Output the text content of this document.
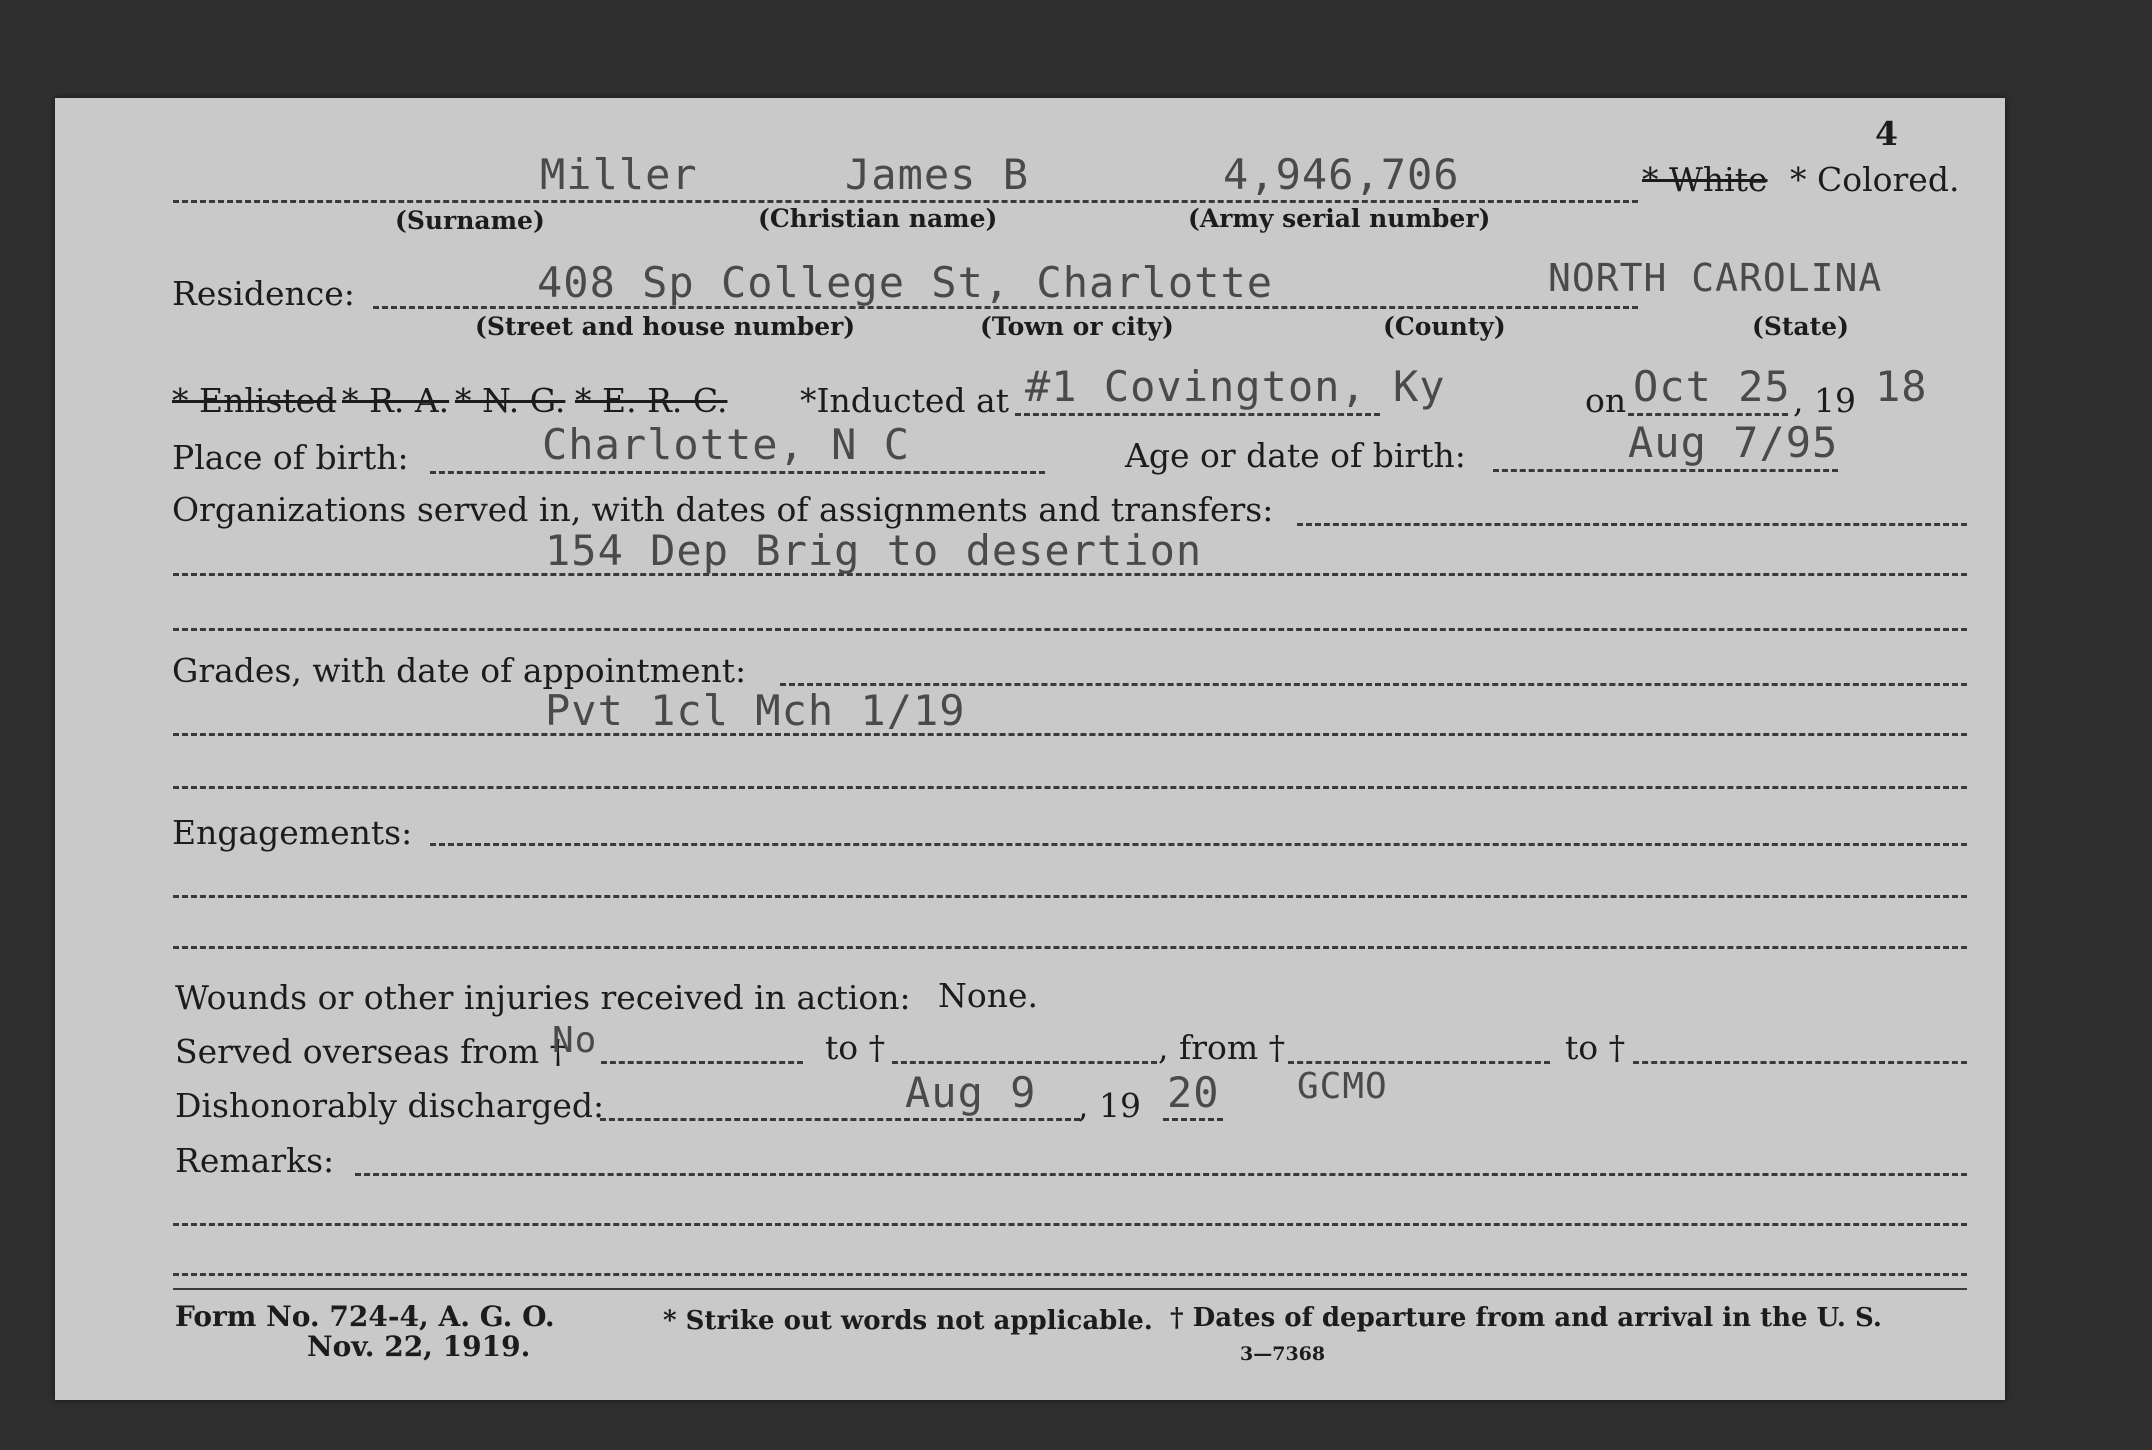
4
Miller	James B	4,946,706	* White * Colored.
(Surname)	(Christian name)	(Army serial number)
Residence:	408 Sp College St, Charlotte	NORTH CAROLINA
(Street and house number)	(Town or city)	(County)	(State)
* Enlisted * R. A. * N. G. * E. R. C. *Inducted at #1 Covington, Ky	on Oct 25 , 19 18
Place of birth:	Charlotte, N C	Age or date of birth:	Aug 7/95
Organizations served in, with dates of assignments and transfers:
154 Dep Brig to desertion
Grades, with date of appointment:
Pvt 1cl Mch 1/19
Engagements:
Wounds or other injuries received in action: None.
Served overseas from †
No	to †	, from †	to †
Dishonorably discharged:	Aug 9 , 19 20 GCMO
Remarks:
Form No. 724-4, A. G. O.
Nov. 22, 1919.
* Strike out words not applicable. † Dates of departure from and arrival in the U. S.
3—7368
